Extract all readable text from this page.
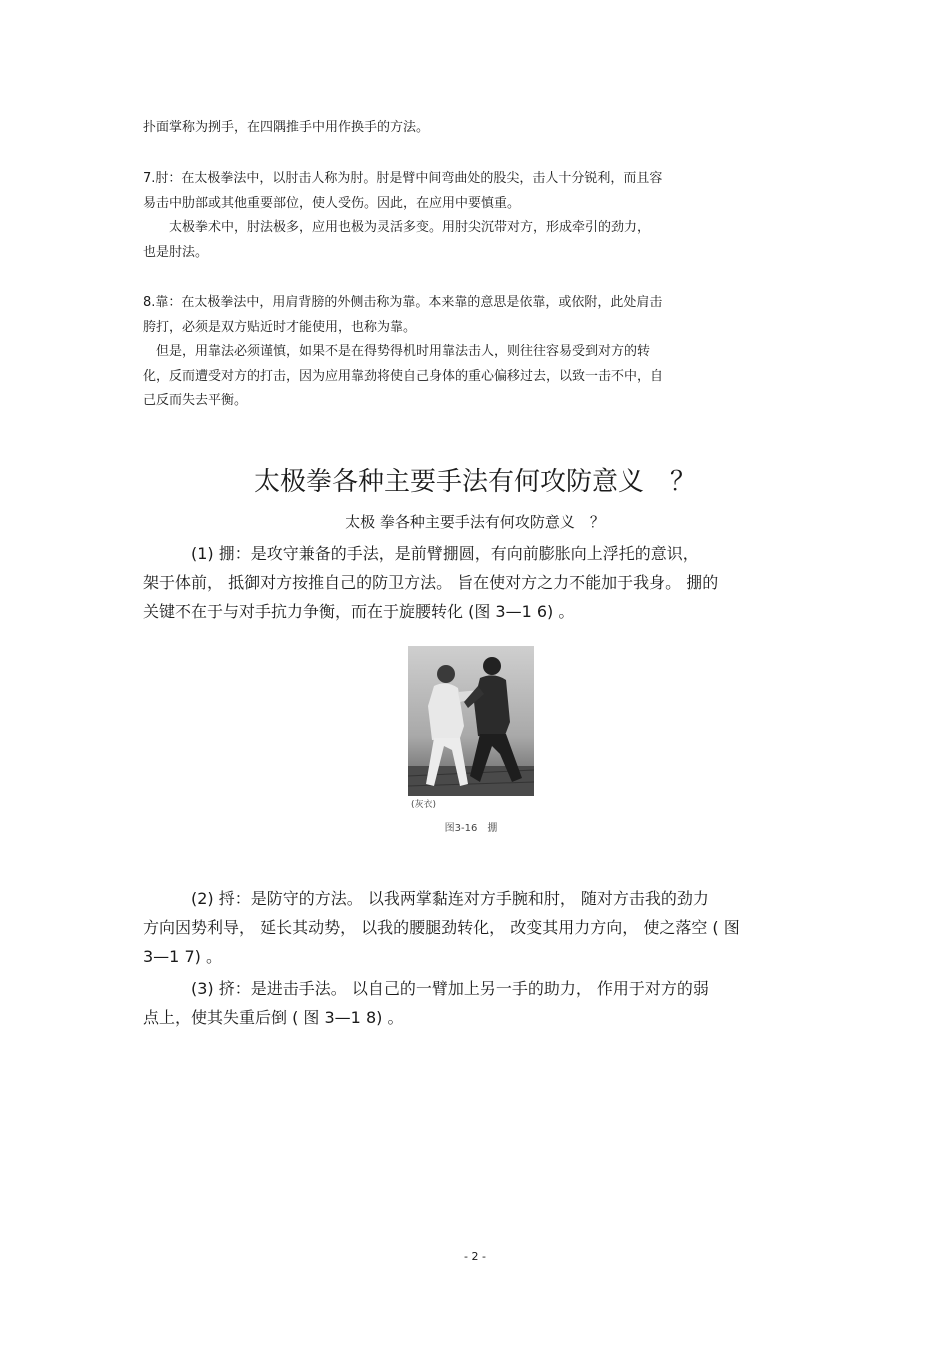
扑面掌称为挒手，在四隅推手中用作换手的方法。

7.肘：在太极拳法中，以肘击人称为肘。肘是臂中间弯曲处的股尖，击人十分锐利，而且容
易击中肋部或其他重要部位，使人受伤。因此，在应用中要慎重。
　　太极拳术中，肘法极多，应用也极为灵活多变。用肘尖沉带对方，形成牵引的劲力，
也是肘法。

8.靠：在太极拳法中，用肩背膀的外侧击称为靠。本来靠的意思是依靠，或依附，此处肩击
胯打，必须是双方贴近时才能使用，也称为靠。
　但是，用靠法必须谨慎，如果不是在得势得机时用靠法击人，则往往容易受到对方的转
化，反而遭受对方的打击，因为应用靠劲将使自己身体的重心偏移过去，以致一击不中，自
己反而失去平衡。

太极拳各种主要手法有何攻防意义　？

太极 拳各种主要手法有何攻防意义　？

　　　(1) 掤：是攻守兼备的手法，是前臂掤圆，有向前膨胀向上浮托的意识，
架于体前， 抵御对方按推自己的防卫方法。 旨在使对方之力不能加于我身。 掤的
关键不在于与对手抗力争衡，而在于旋腰转化 (图 3—1 6) 。

(灰衣)
图3-16　掤

　　　(2) 捋：是防守的方法。 以我两掌黏连对方手腕和肘， 随对方击我的劲力
方向因势利导， 延长其动势， 以我的腰腿劲转化， 改变其用力方向， 使之落空 ( 图
3—1 7) 。

　　　(3) 挤：是进击手法。 以自己的一臂加上另一手的助力， 作用于对方的弱
点上，使其失重后倒 ( 图 3—1 8) 。

- 2 -
